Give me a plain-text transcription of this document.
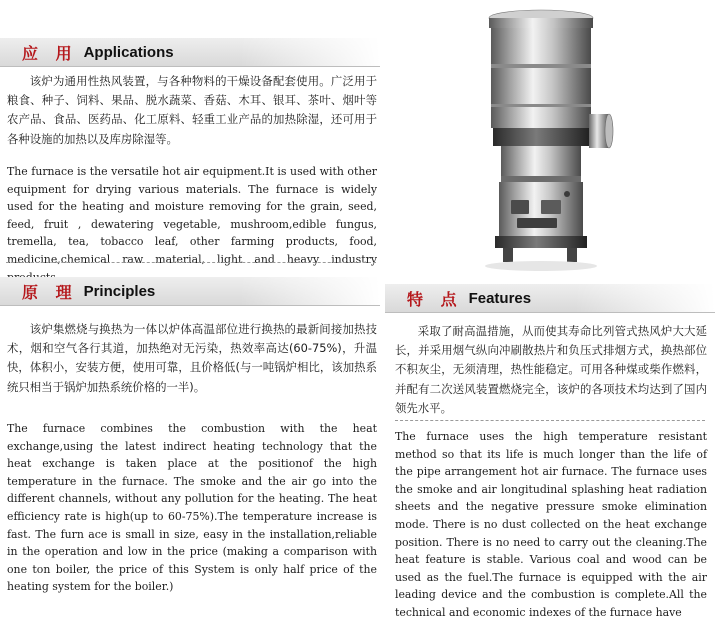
应 用 Applications

该炉为通用性热风装置，与各种物料的干燥设备配套使用。广泛用于粮食、种子、饲料、果品、脱水蔬菜、香菇、木耳、银耳、茶叶、烟叶等农产品、食品、医药品、化工原料、轻重工业产品的加热除湿，还可用于各种设施的加热以及库房除湿等。

The furnace is the versatile hot air equipment.It is used with other equipment for drying various materials. The furnace is widely used for the heating and moisture removing for the grain, seed, feed, fruit , dewatering vegetable, mushroom,edible fungus, tremella, tea, tobacco leaf, other farming products, food, medicine,chemical raw material, light and heavy industry

原 理 Principles

该炉集燃烧与换热为一体以炉体高温部位进行换热的最新间接加热技术，烟和空气各行其道，加热绝对无污染，热效率高达(60-75%)，升温快，体积小，安装方便，使用可靠，且价格低(与一吨锅炉相比，该加热系统只相当于锅炉加热系统价格的一半)。

The furnace combines the combustion with the heat exchange,using the latest indirect heating technology that the heat exchange is taken place at the positionof the high temperature in the furnace. The smoke and the air go into the different channels, without any pollution for the heating. The heat efficiency rate is high(up to 60-75%).The temperature increase is fast. The furn ace is small in size, easy in the installation,reliable in the operation and low in the price (making a comparison with one ton boiler, the price of this System is only half price of the heating system for the boiler.)

特 点 Features

采取了耐高温措施，从而使其寿命比列管式热风炉大大延长，并采用烟气纵向冲刷散热片和负压式排烟方式，换热部位不积灰尘，无须清理，热性能稳定。可用各种煤或柴作燃料，并配有二次送风装置燃烧完全，该炉的各项技术均达到了国内领先水平。

The furnace uses the high temperature resistant method so that its life is much longer than the life of the pipe arrangement hot air furnace. The furnace uses the smoke and air longitudinal splashing heat radiation sheets and the negative pressure smoke elimination mode. There is no dust collected on the heat exchange position. There is no need to carry out the cleaning.The heat feature is stable. Various coal and wood can be used as the fuel.The furnace is equipped with the air leading device and the combustion is complete.All the technical and economic indexes of the furnace have
